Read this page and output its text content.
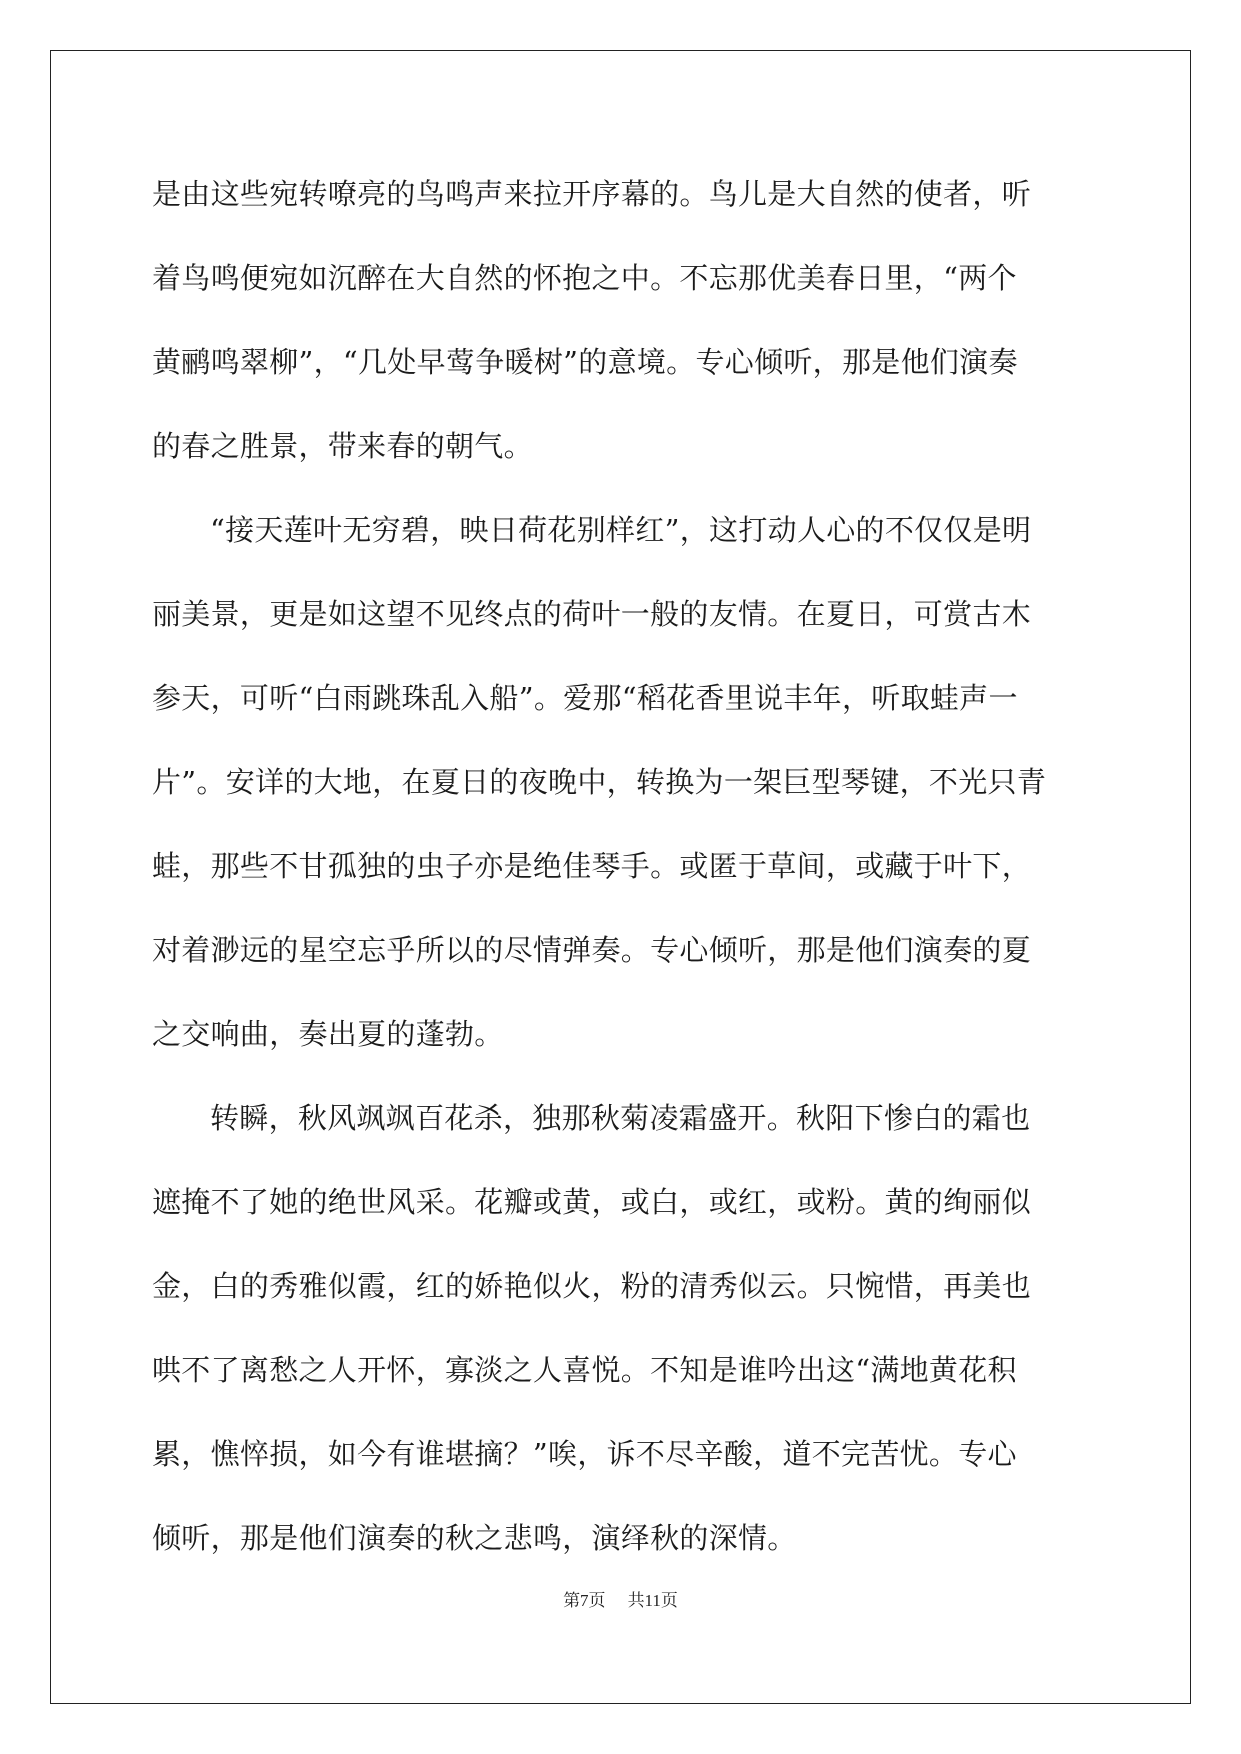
是由这些宛转嘹亮的鸟鸣声来拉开序幕的。鸟儿是大自然的使者，听
着鸟鸣便宛如沉醉在大自然的怀抱之中。不忘那优美春日里，“两个
黄鹂鸣翠柳”，“几处早莺争暖树”的意境。专心倾听，那是他们演奏
的春之胜景，带来春的朝气。
“接天莲叶无穷碧，映日荷花别样红”，这打动人心的不仅仅是明
丽美景，更是如这望不见终点的荷叶一般的友情。在夏日，可赏古木
参天，可听“白雨跳珠乱入船”。爱那“稻花香里说丰年，听取蛙声一
片”。安详的大地，在夏日的夜晚中，转换为一架巨型琴键，不光只青
蛙，那些不甘孤独的虫子亦是绝佳琴手。或匿于草间，或藏于叶下，
对着渺远的星空忘乎所以的尽情弹奏。专心倾听，那是他们演奏的夏
之交响曲，奏出夏的蓬勃。
转瞬，秋风飒飒百花杀，独那秋菊凌霜盛开。秋阳下惨白的霜也
遮掩不了她的绝世风采。花瓣或黄，或白，或红，或粉。黄的绚丽似
金，白的秀雅似霞，红的娇艳似火，粉的清秀似云。只惋惜，再美也
哄不了离愁之人开怀，寡淡之人喜悦。不知是谁吟出这“满地黄花积
累，憔悴损，如今有谁堪摘？”唉，诉不尽辛酸，道不完苦忧。专心
倾听，那是他们演奏的秋之悲鸣，演绎秋的深情。
第7页 共11页
